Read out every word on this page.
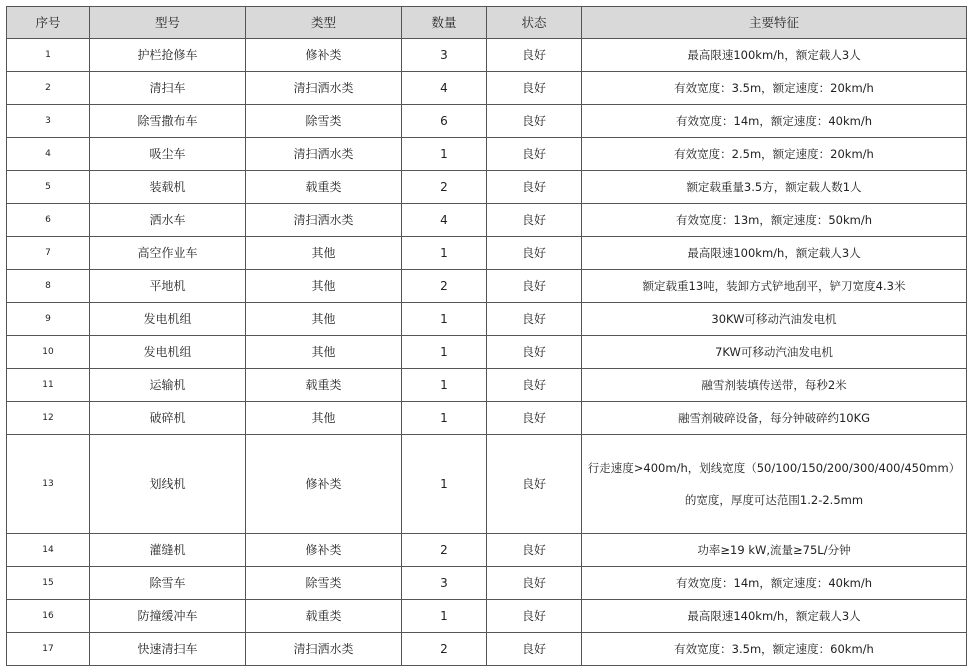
序号	型号	类型	数量	状态	主要特征
1	护栏抢修车	修补类	3	良好	最高限速100km/h，额定载人3人
2	清扫车	清扫洒水类	4	良好	有效宽度：3.5m，额定速度：20km/h
3	除雪撒布车	除雪类	6	良好	有效宽度：14m，额定速度：40km/h
4	吸尘车	清扫洒水类	1	良好	有效宽度：2.5m，额定速度：20km/h
5	装载机	载重类	2	良好	额定载重量3.5方，额定载人数1人
6	洒水车	清扫洒水类	4	良好	有效宽度：13m，额定速度：50km/h
7	高空作业车	其他	1	良好	最高限速100km/h，额定载人3人
8	平地机	其他	2	良好	额定载重13吨，装卸方式铲地刮平，铲刀宽度4.3米
9	发电机组	其他	1	良好	30KW可移动汽油发电机
10	发电机组	其他	1	良好	7KW可移动汽油发电机
11	运输机	载重类	1	良好	融雪剂装填传送带，每秒2米
12	破碎机	其他	1	良好	融雪剂破碎设备，每分钟破碎约10KG
13	划线机	修补类	1	良好	行走速度>400m/h，划线宽度（50/100/150/200/300/400/450mm）的宽度，厚度可达范围1.2-2.5mm
14	灌缝机	修补类	2	良好	功率≥19 kW,流量≥75L/分钟
15	除雪车	除雪类	3	良好	有效宽度：14m，额定速度：40km/h
16	防撞缓冲车	载重类	1	良好	最高限速140km/h，额定载人3人
17	快速清扫车	清扫洒水类	2	良好	有效宽度：3.5m，额定速度：60km/h
